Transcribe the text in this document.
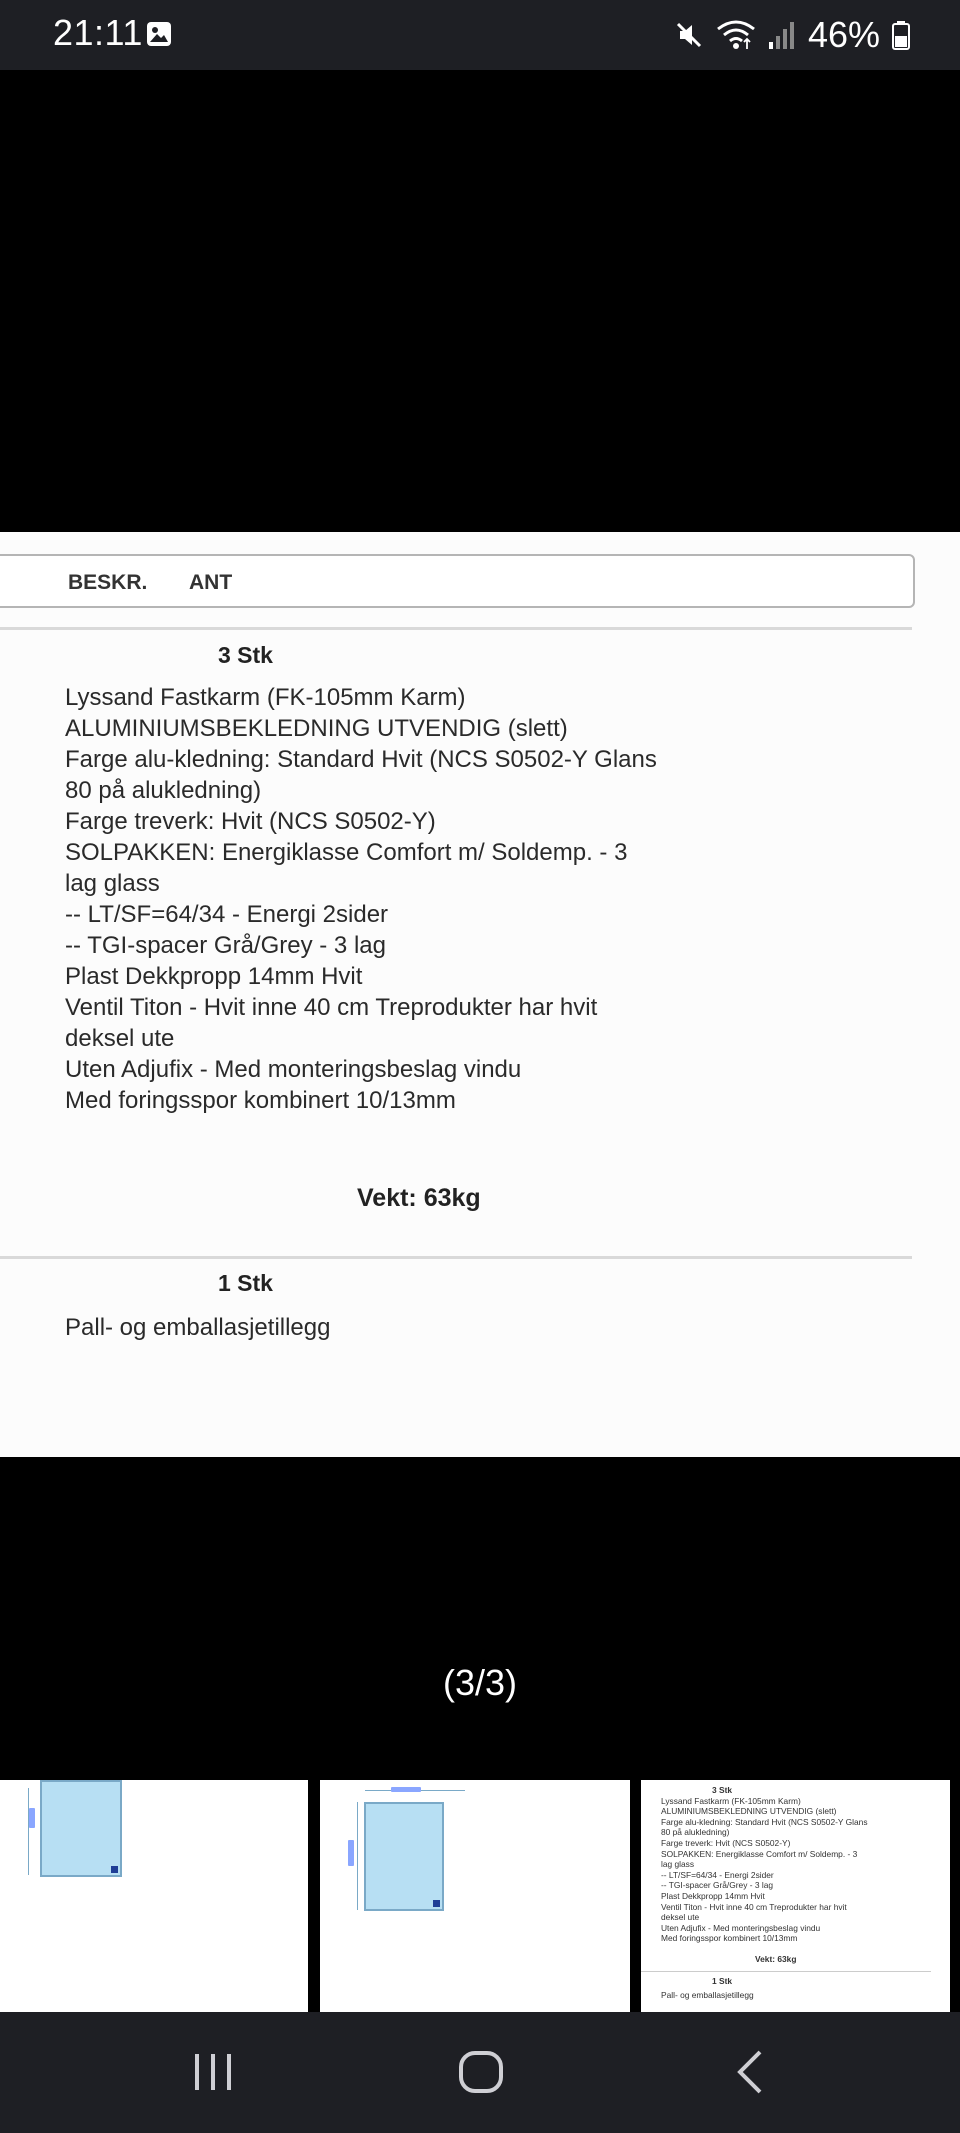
21:11	46%
BESKR. ANT
3 Stk
Lyssand Fastkarm (FK-105mm Karm)
ALUMINIUMSBEKLEDNING UTVENDIG (slett)
Farge alu-kledning: Standard Hvit (NCS S0502-Y Glans
80 på alukledning)
Farge treverk: Hvit (NCS S0502-Y)
SOLPAKKEN: Energiklasse Comfort m/ Soldemp. - 3
lag glass
-- LT/SF=64/34 - Energi 2sider
-- TGI-spacer Grå/Grey - 3 lag
Plast Dekkpropp 14mm Hvit
Ventil Titon - Hvit inne 40 cm Treprodukter har hvit
deksel ute
Uten Adjufix - Med monteringsbeslag vindu
Med foringsspor kombinert 10/13mm
Vekt: 63kg
1 Stk
Pall- og emballasjetillegg
(3/3)
3 Stk
Lyssand Fastkarm (FK-105mm Karm)
ALUMINIUMSBEKLEDNING UTVENDIG (slett)
Farge alu-kledning: Standard Hvit (NCS S0502-Y Glans
80 på alukledning)
Farge treverk: Hvit (NCS S0502-Y)
SOLPAKKEN: Energiklasse Comfort m/ Soldemp. - 3
lag glass
-- LT/SF=64/34 - Energi 2sider
-- TGI-spacer Grå/Grey - 3 lag
Plast Dekkpropp 14mm Hvit
Ventil Titon - Hvit inne 40 cm Treprodukter har hvit
deksel ute
Uten Adjufix - Med monteringsbeslag vindu
Med foringsspor kombinert 10/13mm
Vekt: 63kg
1 Stk
Pall- og emballasjetillegg
